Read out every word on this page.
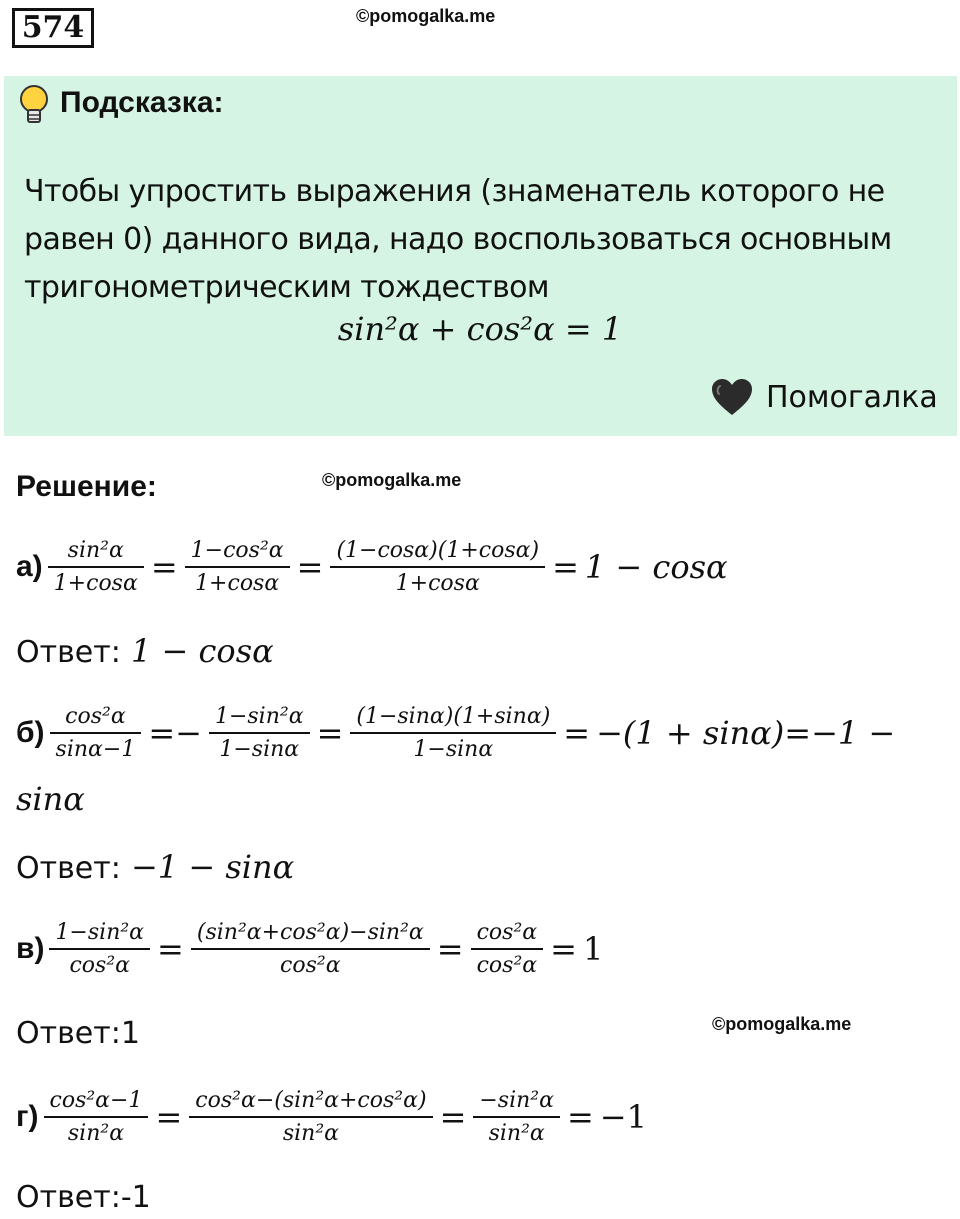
574	©pomogalka.me
Подсказка:
Чтобы упростить выражения (знаменатель которого не равен 0) данного вида, надо воспользоваться основным тригонометрическим тождеством
sin²α + cos²α = 1
Помогалка
Решение:	©pomogalka.me
$а) \frac{\text{sin²α}}{1+\cos\alpha} = \frac{\text{1−cos²α}}{1+\cos\alpha} = \frac{(1-\cos\alpha)(1+\cos\alpha)}{1+\cos\alpha} = 1 - \cos\alpha$
Ответ: 1 − cosα
$б) \frac{\text{cos²α}}{\sin\alpha-1} =- \frac{\text{1−sin²α}}{1-\sin\alpha} = \frac{(1-\sin\alpha)(1+\sin\alpha)}{1-\sin\alpha} = -(1 + \sin\alpha)=-1$ −
sinα
Ответ: −1 − sinα
$в) \frac{\text{1−sin²α}}{\text{cos²α}} = \frac{\text{(sin²α+cos²α)−sin²α}}{\text{cos²α}} = \frac{\text{cos²α}}{\text{cos²α}} = 1$
Ответ:1	©pomogalka.me
$г) \frac{\text{cos²α−1}}{\text{sin²α}} = \frac{\text{cos²α−(sin²α+cos²α)}}{\text{sin²α}} = \frac{\text{−sin²α}}{\text{sin²α}} = -1$
Ответ:-1
